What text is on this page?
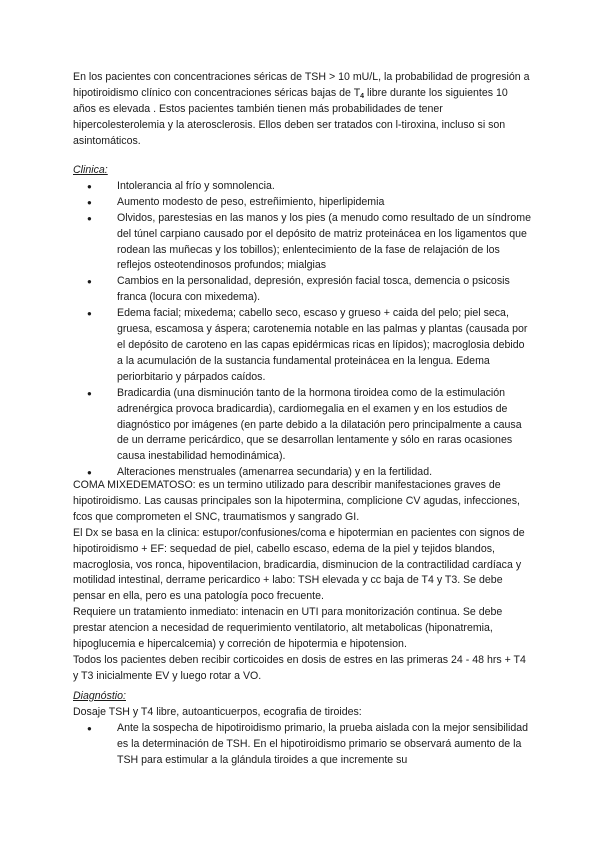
En los pacientes con concentraciones séricas de TSH > 10 mU/L, la probabilidad de progresión a hipotiroidismo clínico con concentraciones séricas bajas de $T_4$ libre durante los siguientes 10 años es elevada . Estos pacientes también tienen más probabilidades de tener hipercolesterolemia y la aterosclerosis. Ellos deben ser tratados con l-tiroxina, incluso si son asintomáticos.

Clinica:

● Intolerancia al frío y somnolencia.
● Aumento modesto de peso, estreñimiento, hiperlipidemia
● Olvidos, parestesias en las manos y los pies (a menudo como resultado de un síndrome del túnel carpiano causado por el depósito de matriz proteinácea en los ligamentos que rodean las muñecas y los tobillos); enlentecimiento de la fase de relajación de los reflejos osteotendinosos profundos; mialgias
● Cambios en la personalidad, depresión, expresión facial tosca, demencia o psicosis franca (locura con mixedema).
● Edema facial; mixedema; cabello seco, escaso y grueso + caida del pelo; piel seca, gruesa, escamosa y áspera; carotenemia notable en las palmas y plantas (causada por el depósito de caroteno en las capas epidérmicas ricas en lípidos); macroglosia debido a la acumulación de la sustancia fundamental proteinácea en la lengua. Edema periorbitario y párpados caídos.
● Bradicardia (una disminución tanto de la hormona tiroidea como de la estimulación adrenérgica provoca bradicardia), cardiomegalia en el examen y en los estudios de diagnóstico por imágenes (en parte debido a la dilatación pero principalmente a causa de un derrame pericárdico, que se desarrollan lentamente y sólo en raras ocasiones causa inestabilidad hemodinámica).
● Alteraciones menstruales (amenarrea secundaria) y en la fertilidad.

COMA MIXEDEMATOSO: es un termino utilizado para describir manifestaciones graves de hipotiroidismo. Las causas principales son la hipotermina, complicione CV agudas, infecciones, fcos que comprometen el SNC, traumatismos y sangrado GI.

El Dx se basa en la clinica: estupor/confusiones/coma e hipotermian en pacientes con signos de hipotiroidismo + EF: sequedad de piel, cabello escaso, edema de la piel y tejidos blandos, macroglosia, vos ronca, hipoventilacion, bradicardia, disminucion de la contractilidad cardíaca y motilidad intestinal, derrame pericardico + labo: TSH elevada y cc baja de T4 y T3. Se debe pensar en ella, pero es una patología poco frecuente.

Requiere un tratamiento inmediato: intenacin en UTI para monitorización continua. Se debe prestar atencion a necesidad de requerimiento ventilatorio, alt metabolicas (hiponatremia, hipoglucemia e hipercalcemia) y correción de hipotermia e hipotension.

Todos los pacientes deben recibir corticoides en dosis de estres en las primeras 24 - 48 hrs + T4 y T3 inicialmente EV y luego rotar a VO.

Diagnóstio:

Dosaje TSH y T4 libre, autoanticuerpos, ecografia de tiroides:

● Ante la sospecha de hipotiroidismo primario, la prueba aislada con la mejor sensibilidad es la determinación de TSH. En el hipotiroidismo primario se observará aumento de la TSH para estimular a la glándula tiroides a que incremente su
